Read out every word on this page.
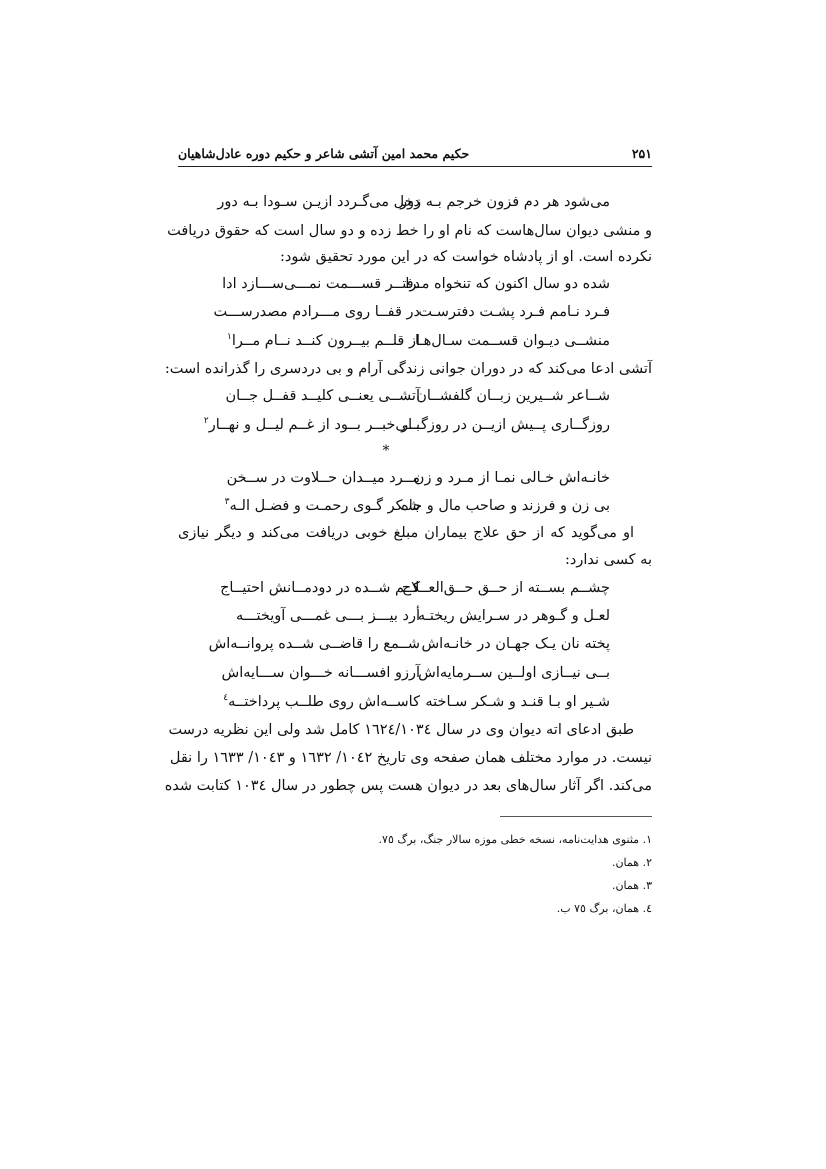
۲۵۱
حکیم محمد امین آتشی شاعر و حکیم دوره عادل‌شاهیان
می‌شود هر دم فزون خرجم بـه زور
دخل می‌گـردد ازیـن سـودا بـه دور
و منشی دیوان سال‌هاست که نام او را خط زده و دو سال است که حقوق دریافت
نکرده است. او از پادشاه خواست که در این مورد تحقیق شود:
شده دو سال اکنون که تنخواه مـرا
دفتــر قســـمت نمـــی‌ســـازد ادا
فـرد نـامم فـرد پشـت دفترسـت
در قفــا روی مـــرادم مصدرســـت
منشــی دیـوان قســمت سـال‌هـا
از قلــم بیــرون کنــد نــام مــرا$^۱$
آتشی ادعا می‌کند که در دوران جوانی زندگی آرام و بی دردسری را گذرانده است:
شــاعر شــیرین زبــان گلفشــان
آتشــی یعنــی کلیــد قفــل جــان
روزگــاری پــیش ازیــن در روزگــار
بــی‌خبــر بــود از غــم لیــل و نهــار$^۲$
*
خانـه‌اش خـالی نمـا از مـرد و زن
مــرد میــدان حــلاوت در ســخن
بی زن و فرزند و صاحب مال و جاه
شـکر گـوی رحمـت و فضـل الـه$^۳$
او می‌گوید که از حق علاج بیماران مبلغ خوبی دریافت می‌کند و دیگر نیازی
به کسی ندارد:
چشــم بســته از حــق حــق‌العــلاج
کــم شــده در دودمــانش احتیــاج
لعـل و گـوهر در سـرایش ریختـه
أرد بیـــز بـــی غمـــی آویختـــه
پخته نان یـک جهـان در خانـه‌اش
شــمع را قاضــی شــده پروانــه‌اش
بــی نیــازی اولــین ســرمایه‌اش
آرزو افســـانه خـــوان ســـایه‌اش
شـیر او بـا قنـد و شـکر سـاخته
کاســه‌اش روی طلــب پرداختــه$^٤$
طبق ادعای اته دیوان وی در سال ١٦٢٤/١٠٣٤ کامل شد ولی این نظریه درست
نیست. در موارد مختلف همان صفحه وی تاریخ ١٠٤٢/ ١٦٣٢ و ١٠٤٣/ ١٦٣٣ را نقل
می‌کند. اگر آثار سال‌های بعد در دیوان هست پس چطور در سال ١٠٣٤ کتابت شده
١. مثنوی هدایت‌نامه، نسخه خطی موزه سالار جنگ، برگ ٧٥.
٢. همان.
٣. همان.
٤. همان، برگ ٧٥ ب.
